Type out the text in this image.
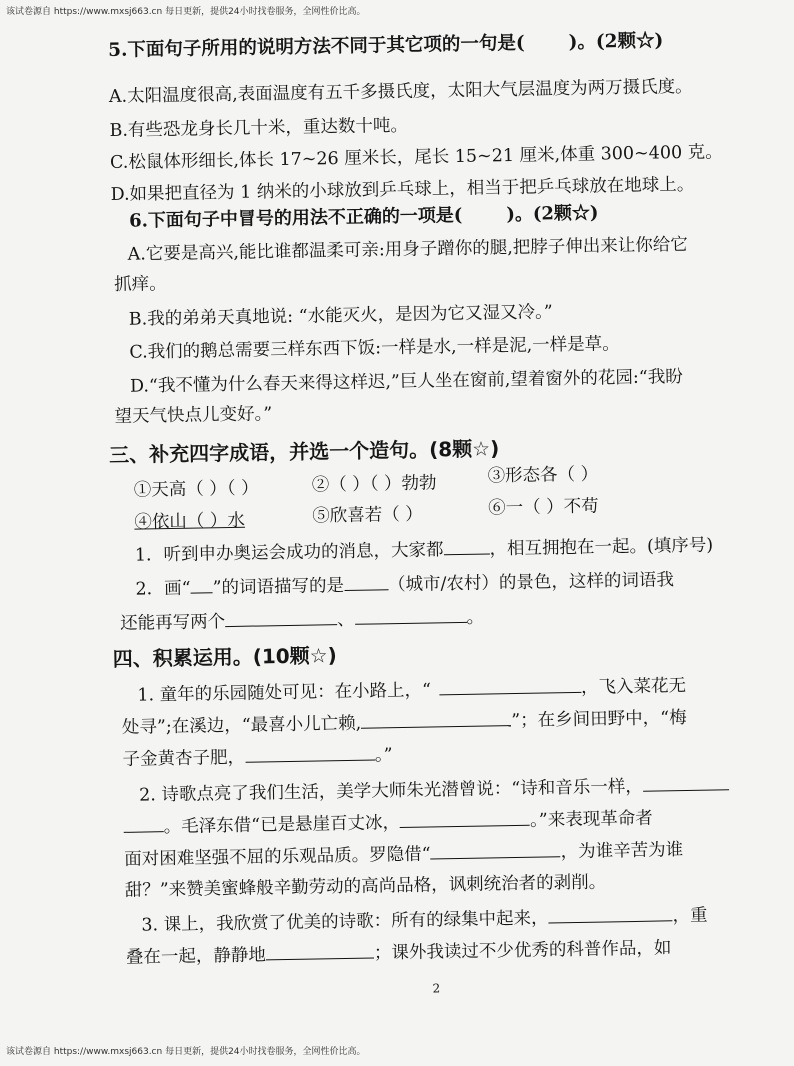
该试卷源自 https://www.mxsj663.cn 每日更新，提供24小时找卷服务，全网性价比高。
5.下面句子所用的说明方法不同于其它项的一句是( )。(2颗☆)
A.太阳温度很高,表面温度有五千多摄氏度，太阳大气层温度为两万摄氏度。
B.有些恐龙身长几十米，重达数十吨。
C.松鼠体形细长,体长 17~26 厘米长，尾长 15~21 厘米,体重 300~400 克。
D.如果把直径为 1 纳米的小球放到乒乓球上，相当于把乒乓球放在地球上。
6.下面句子中冒号的用法不正确的一项是( )。(2颗☆)
A.它要是高兴,能比谁都温柔可亲:用身子蹭你的腿,把脖子伸出来让你给它
抓痒。
B.我的弟弟天真地说: “水能灭火，是因为它又湿又冷。”
C.我们的鹅总需要三样东西下饭:一样是水,一样是泥,一样是草。
D.“我不懂为什么春天来得这样迟,”巨人坐在窗前,望着窗外的花园:“我盼
望天气快点儿变好。”
三、补充四字成语，并选一个造句。(8颗☆)
①天高（ ）（ ）	②（ ）（ ）勃勃	③形态各（ ）
④依山（ ）水	⑤欣喜若（ ）	⑥一（ ）不苟
1．听到申办奥运会成功的消息，大家都	，相互拥抱在一起。(填序号)
2．画“ ”的词语描写的是 （城市/农村）的景色，这样的词语我
还能再写两个	、	。
四、积累运用。(10颗☆)
1. 童年的乐园随处可见：在小路上，“	，飞入菜花无
处寻”;在溪边，“最喜小儿亡赖,	”；在乡间田野中，“梅
子金黄杏子肥，	。”
2. 诗歌点亮了我们生活，美学大师朱光潜曾说：“诗和音乐一样，
。毛泽东借“已是悬崖百丈冰，	。”来表现革命者
面对困难坚强不屈的乐观品质。罗隐借“	，为谁辛苦为谁
甜？”来赞美蜜蜂般辛勤劳动的高尚品格，讽刺统治者的剥削。
3. 课上，我欣赏了优美的诗歌：所有的绿集中起来，	，重
叠在一起，静静地	；课外我读过不少优秀的科普作品，如
2
该试卷源自 https://www.mxsj663.cn 每日更新，提供24小时找卷服务，全网性价比高。
